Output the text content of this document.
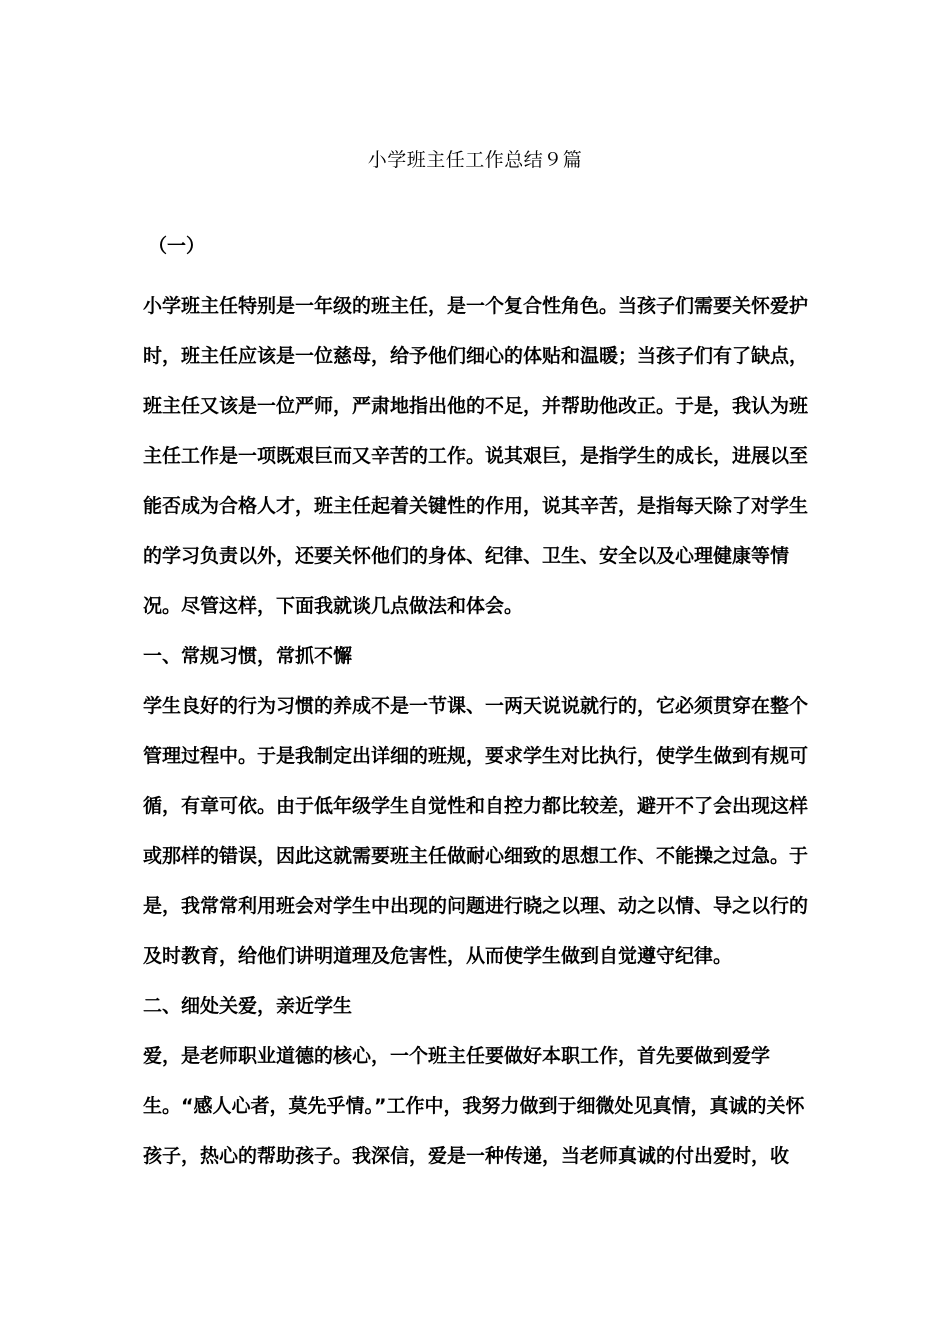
小学班主任工作总结９篇
（一）

小学班主任特别是一年级的班主任，是一个复合性角色。当孩子们需要关怀爱护时，班主任应该是一位慈母，给予他们细心的体贴和温暖；当孩子们有了缺点，班主任又该是一位严师，严肃地指出他的不足，并帮助他改正。于是，我认为班主任工作是一项既艰巨而又辛苦的工作。说其艰巨，是指学生的成长，进展以至能否成为合格人才，班主任起着关键性的作用，说其辛苦，是指每天除了对学生的学习负责以外，还要关怀他们的身体、纪律、卫生、安全以及心理健康等情况。尽管这样，下面我就谈几点做法和体会。

一、常规习惯，常抓不懈

学生良好的行为习惯的养成不是一节课、一两天说说就行的，它必须贯穿在整个管理过程中。于是我制定出详细的班规，要求学生对比执行，使学生做到有规可循，有章可依。由于低年级学生自觉性和自控力都比较差，避开不了会出现这样或那样的错误，因此这就需要班主任做耐心细致的思想工作、不能操之过急。于是，我常常利用班会对学生中出现的问题进行晓之以理、动之以情、导之以行的及时教育，给他们讲明道理及危害性，从而使学生做到自觉遵守纪律。

二、细处关爱，亲近学生

爱，是老师职业道德的核心，一个班主任要做好本职工作，首先要做到爱学生。“感人心者，莫先乎情。”工作中，我努力做到于细微处见真情，真诚的关怀孩子，热心的帮助孩子。我深信，爱是一种传递，当老师真诚的付出爱时，收
